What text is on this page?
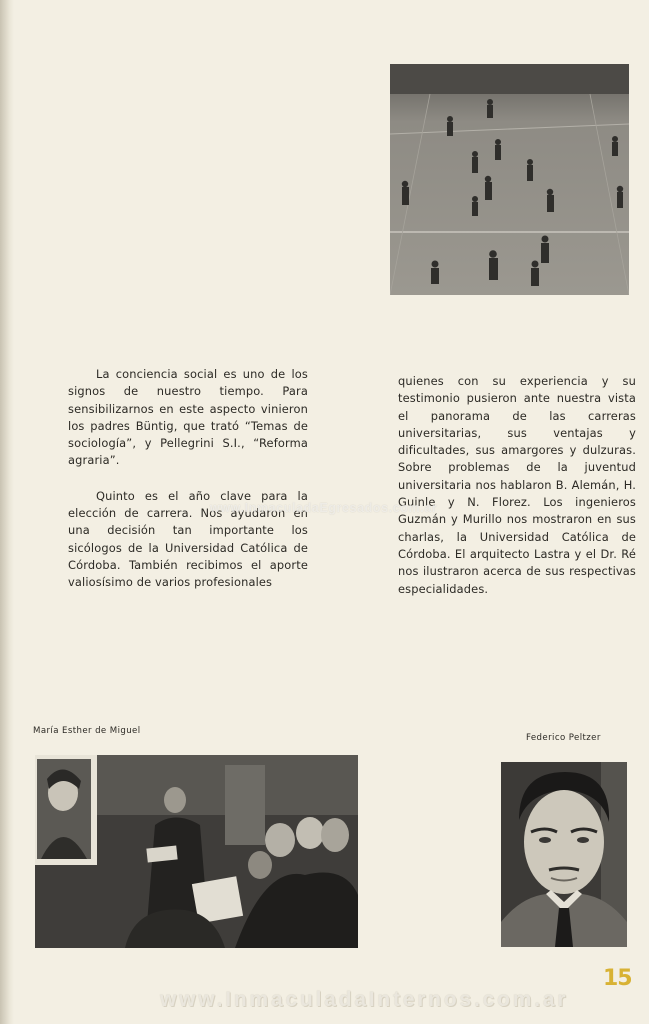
La conciencia social es uno de los signos de nuestro tiempo. Para sensibilizarnos en este aspecto vinieron los padres Büntig, que trató “Temas de sociología”, y Pellegrini S.I., “Reforma agraria”.

Quinto es el año clave para la elección de carrera. Nos ayudaron en una decisión tan importante los sicólogos de la Universidad Católica de Córdoba. También recibimos el aporte valiosísimo de varios profesionales

quienes con su experiencia y su testimonio pusieron ante nuestra vista el panorama de las carreras universitarias, sus ventajas y dificultades, sus amargores y dulzuras. Sobre problemas de la juventud universitaria nos hablaron B. Alemán, H. Guinle y N. Florez. Los ingenieros Guzmán y Murillo nos mostraron en sus charlas, la Universidad Católica de Córdoba. El arquitecto Lastra y el Dr. Ré nos ilustraron acerca de sus respectivas especialidades.

www.InmaculadaEgresados.com.ar
María Esther de Miguel
Federico Peltzer
15
www.InmaculadaInternos.com.ar
